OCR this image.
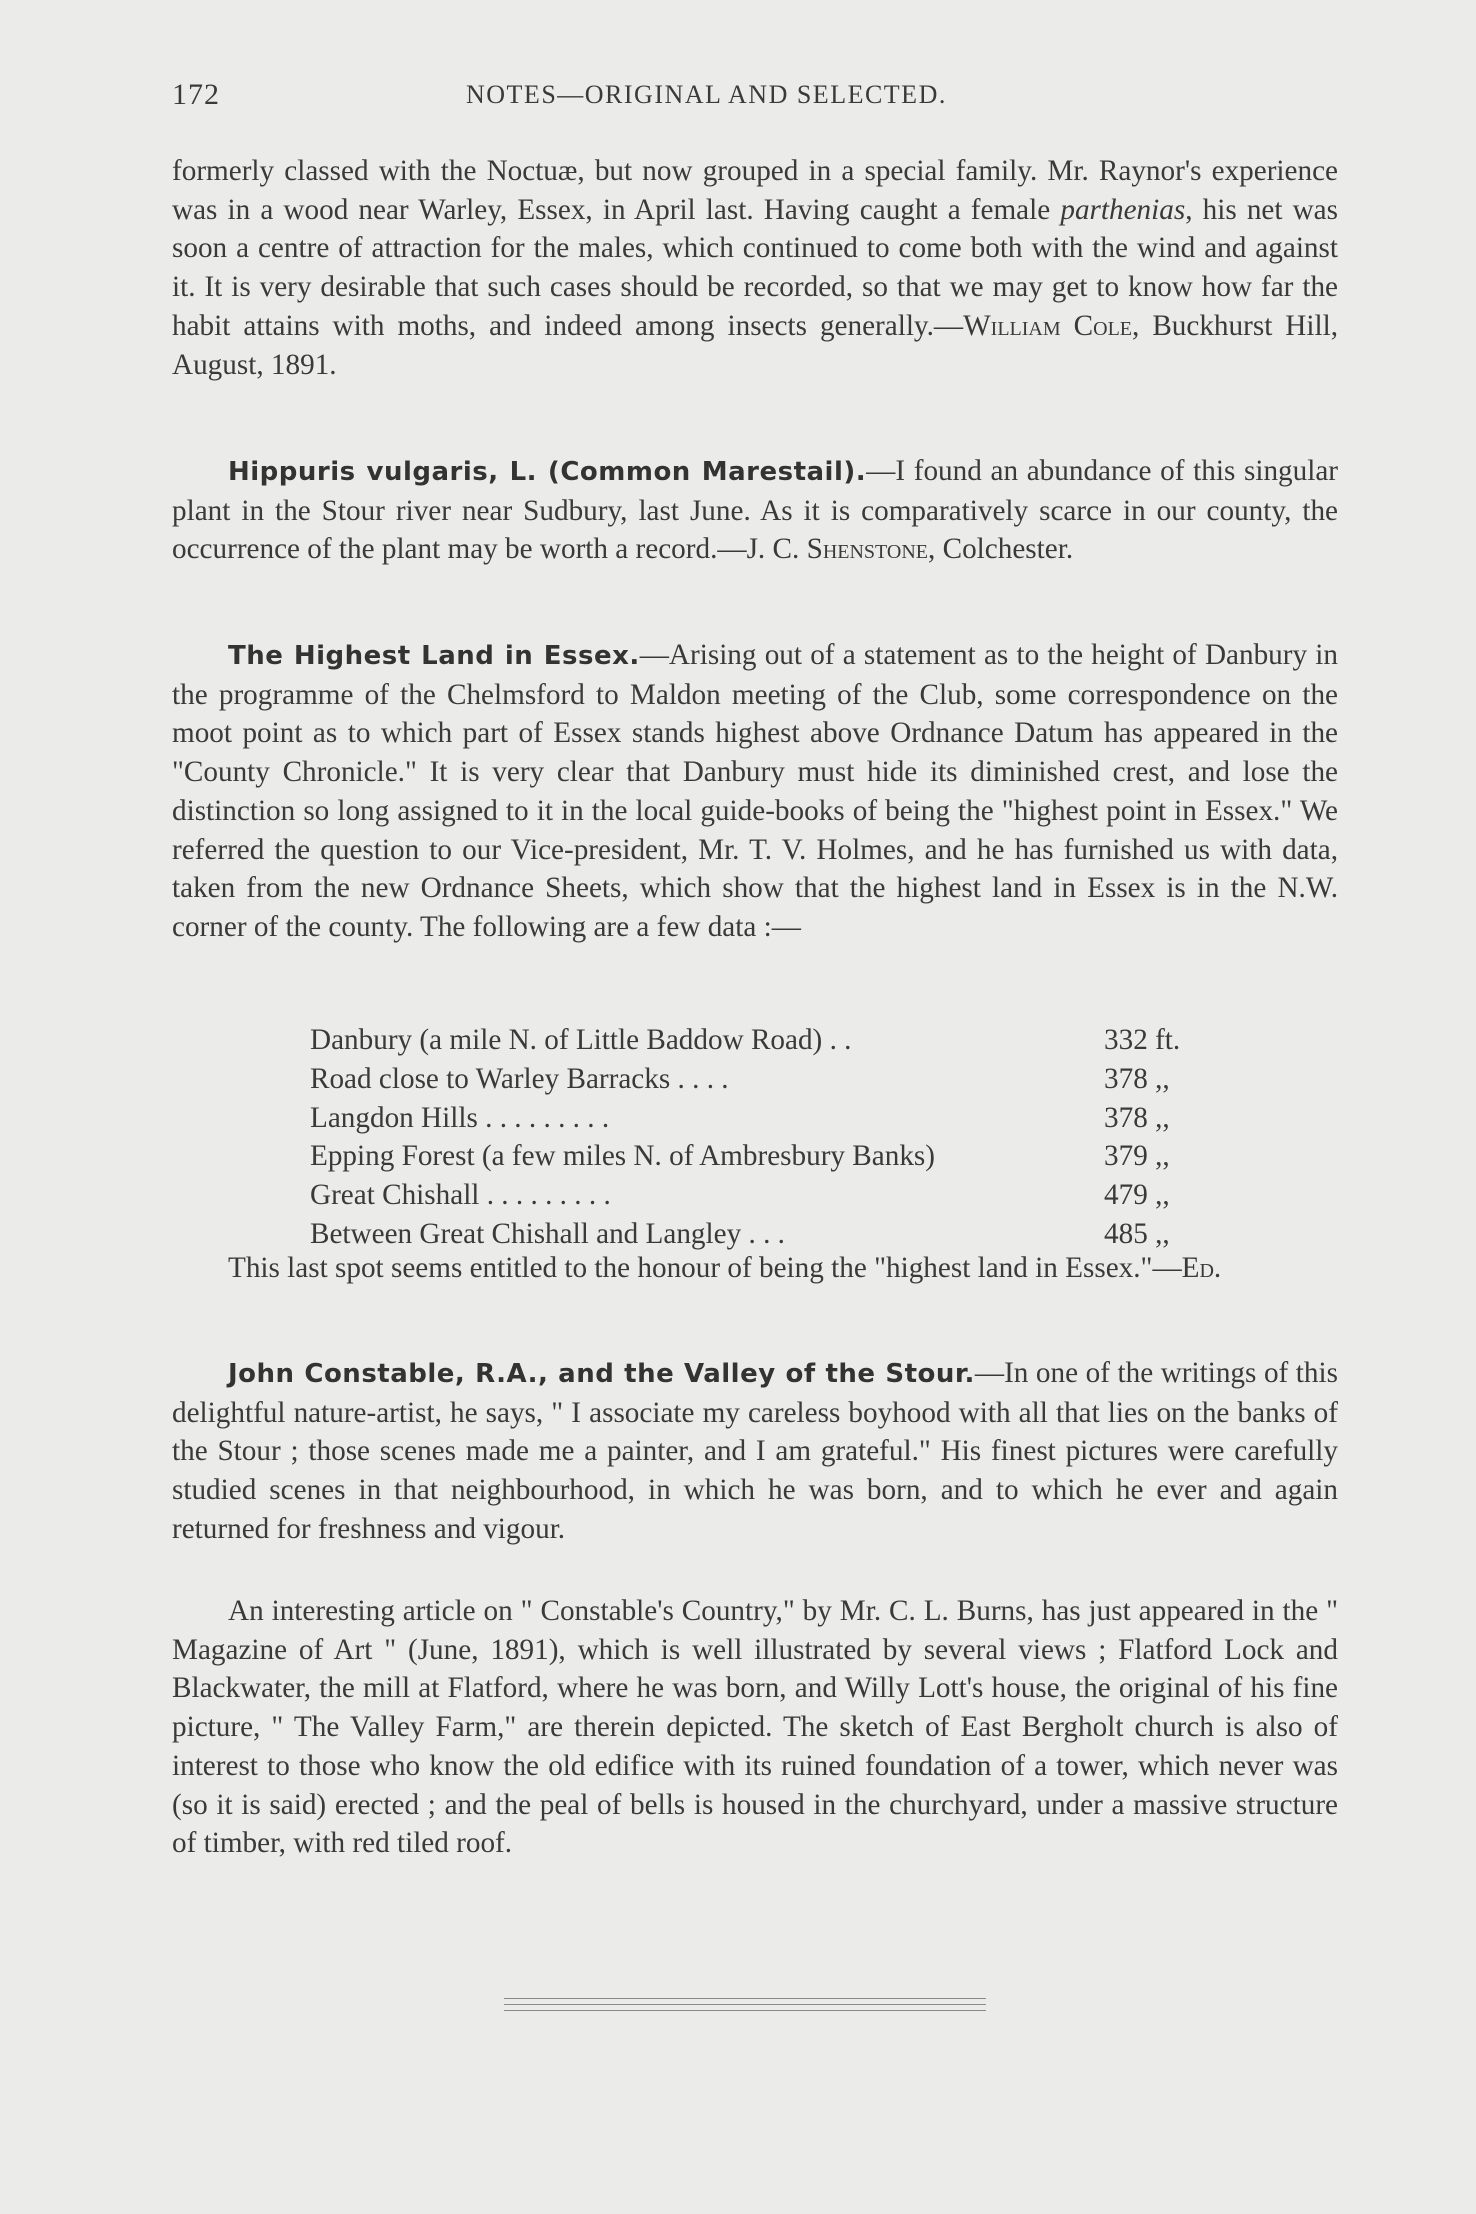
172	NOTES—ORIGINAL AND SELECTED.

formerly classed with the Noctuæ, but now grouped in a special family. Mr. Raynor's experience was in a wood near Warley, Essex, in April last. Having caught a female parthenias, his net was soon a centre of attraction for the males, which continued to come both with the wind and against it. It is very desirable that such cases should be recorded, so that we may get to know how far the habit attains with moths, and indeed among insects generally.—William Cole, Buckhurst Hill, August, 1891.

Hippuris vulgaris, L. (Common Marestail).—I found an abundance of this singular plant in the Stour river near Sudbury, last June. As it is comparatively scarce in our county, the occurrence of the plant may be worth a record.—J. C. Shenstone, Colchester.

The Highest Land in Essex.—Arising out of a statement as to the height of Danbury in the programme of the Chelmsford to Maldon meeting of the Club, some correspondence on the moot point as to which part of Essex stands highest above Ordnance Datum has appeared in the "County Chronicle." It is very clear that Danbury must hide its diminished crest, and lose the distinction so long assigned to it in the local guide-books of being the "highest point in Essex." We referred the question to our Vice-president, Mr. T. V. Holmes, and he has furnished us with data, taken from the new Ordnance Sheets, which show that the highest land in Essex is in the N.W. corner of the county. The following are a few data :—

Danbury (a mile N. of Little Baddow Road) . .	332 ft.
Road close to Warley Barracks . . . .	378 ,,
Langdon Hills . . . . . . . . .	378 ,,
Epping Forest (a few miles N. of Ambresbury Banks)	379 ,,
Great Chishall . . . . . . . . .	479 ,,
Between Great Chishall and Langley . . .	485 ,,

This last spot seems entitled to the honour of being the "highest land in Essex."—Ed.

John Constable, R.A., and the Valley of the Stour.—In one of the writings of this delightful nature-artist, he says, " I associate my careless boyhood with all that lies on the banks of the Stour ; those scenes made me a painter, and I am grateful." His finest pictures were carefully studied scenes in that neighbourhood, in which he was born, and to which he ever and again returned for freshness and vigour.

An interesting article on " Constable's Country," by Mr. C. L. Burns, has just appeared in the " Magazine of Art " (June, 1891), which is well illustrated by several views ; Flatford Lock and Blackwater, the mill at Flatford, where he was born, and Willy Lott's house, the original of his fine picture, " The Valley Farm," are therein depicted. The sketch of East Bergholt church is also of interest to those who know the old edifice with its ruined foundation of a tower, which never was (so it is said) erected ; and the peal of bells is housed in the churchyard, under a massive structure of timber, with red tiled roof.
